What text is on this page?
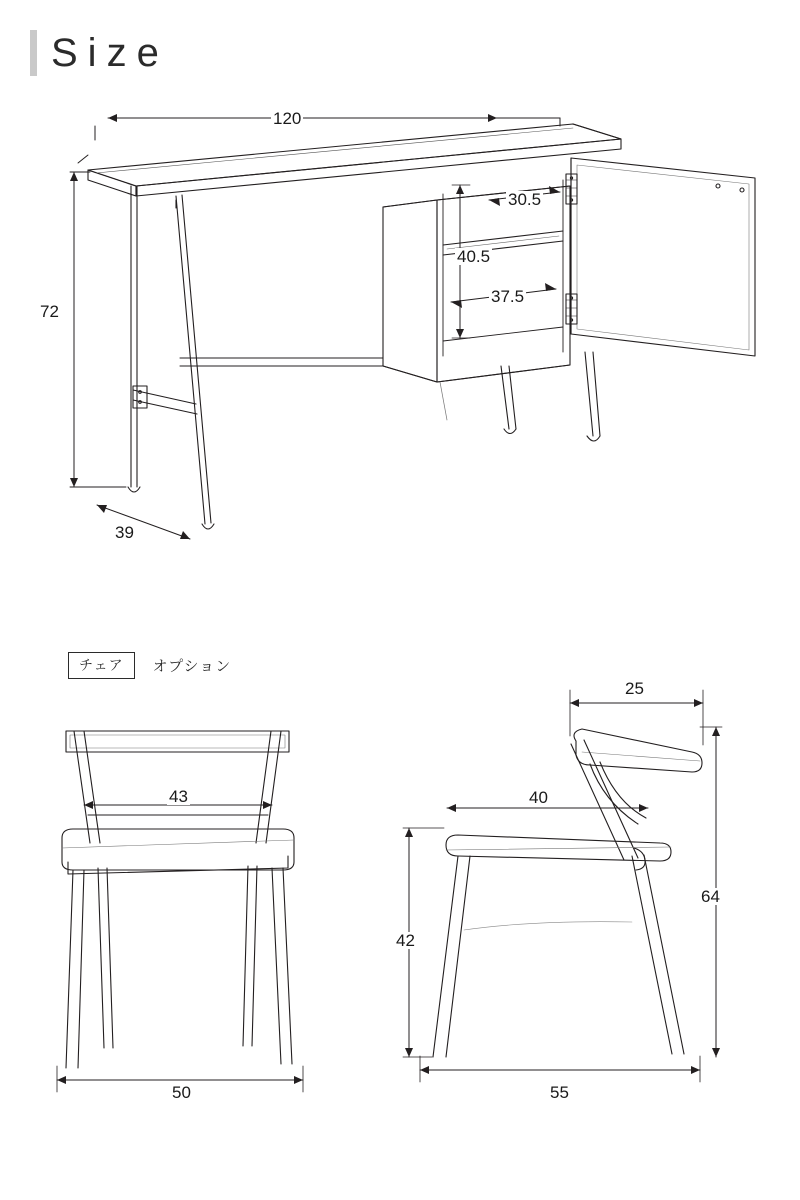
Size
チェア	オプション
120
72
39
30.5
40.5
37.5
43
50
25
40
64
42
55
